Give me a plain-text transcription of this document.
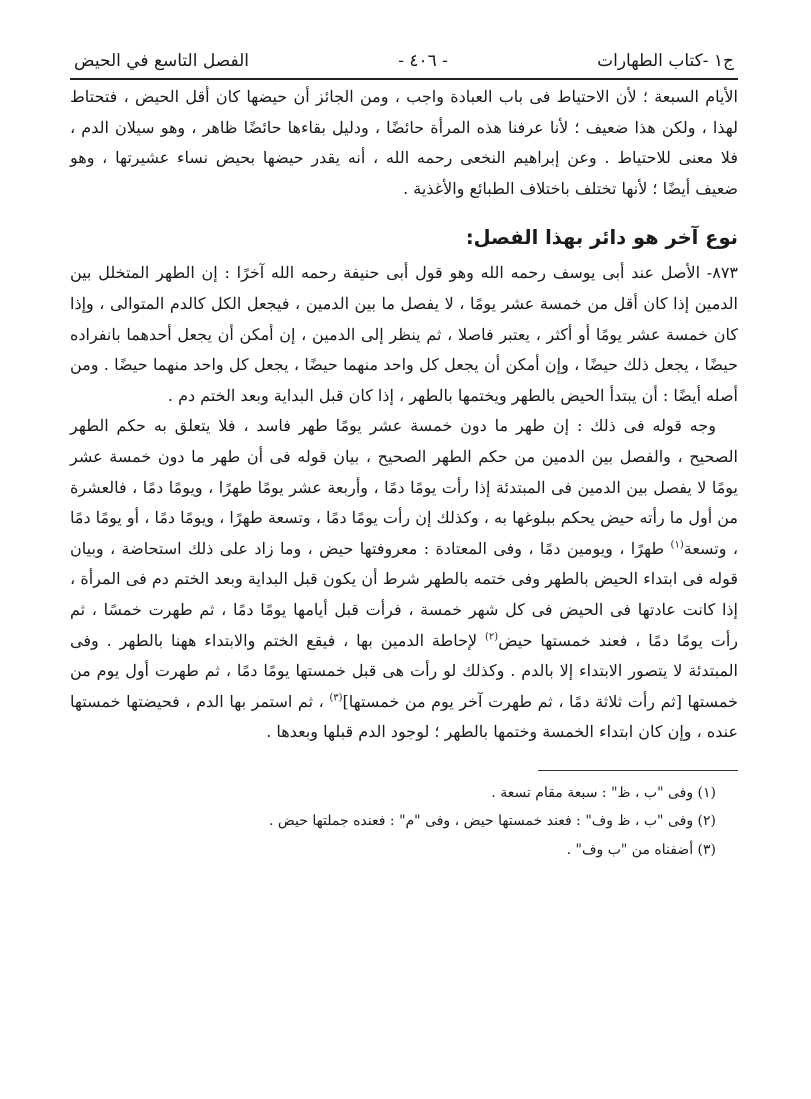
ج١ -كتاب الطهارات
- ٤٠٦ -
الفصل التاسع في الحيض

الأيام السبعة ؛ لأن الاحتياط فى باب العبادة واجب ، ومن الجائز أن حيضها كان أقل الحيض ، فتحتاط لهذا ، ولكن هذا ضعيف ؛ لأنا عرفنا هذه المرأة حائضًا ، ودليل بقاءها حائضًا ظاهر ، وهو سيلان الدم ، فلا معنى للاحتياط . وعن إبراهيم النخعى رحمه الله ، أنه يقدر حيضها بحيض نساء عشيرتها ، وهو ضعيف أيضًا ؛ لأنها تختلف باختلاف الطبائع والأغذية .

نوع آخر هو دائر بهذا الفصل:

٨٧٣- الأصل عند أبى يوسف رحمه الله وهو قول أبى حنيفة رحمه الله آخرًا : إن الطهر المتخلل بين الدمين إذا كان أقل من خمسة عشر يومًا ، لا يفصل ما بين الدمين ، فيجعل الكل كالدم المتوالى ، وإذا كان خمسة عشر يومًا أو أكثر ، يعتبر فاصلا ، ثم ينظر إلى الدمين ، إن أمكن أن يجعل أحدهما بانفراده حيضًا ، يجعل ذلك حيضًا ، وإن أمكن أن يجعل كل واحد منهما حيضًا ، يجعل كل واحد منهما حيضًا . ومن أصله أيضًا : أن يبتدأ الحيض بالطهر ويختمها بالطهر ، إذا كان قبل البداية وبعد الختم دم .

وجه قوله فى ذلك : إن طهر ما دون خمسة عشر يومًا طهر فاسد ، فلا يتعلق به حكم الطهر الصحيح ، والفصل بين الدمين من حكم الطهر الصحيح ، بيان قوله فى أن طهر ما دون خمسة عشر يومًا لا يفصل بين الدمين فى المبتدئة إذا رأت يومًا دمًا ، وأربعة عشر يومًا طهرًا ، ويومًا دمًا ، فالعشرة من أول ما رأته حيض يحكم ببلوغها به ، وكذلك إن رأت يومًا دمًا ، وتسعة طهرًا ، ويومًا دمًا ، أو يومًا دمًا ، وتسعة$^{(١)}$ طهرًا ، ويومين دمًا ، وفى المعتادة : معروفتها حيض ، وما زاد على ذلك استحاضة ، وبيان قوله فى ابتداء الحيض بالطهر وفى ختمه بالطهر شرط أن يكون قبل البداية وبعد الختم دم فى المرأة ، إذا كانت عادتها فى الحيض فى كل شهر خمسة ، فرأت قبل أيامها يومًا دمًا ، ثم طهرت خمسًا ، ثم رأت يومًا دمًا ، فعند خمستها حيض$^{(٢)}$ لإحاطة الدمين بها ، فيقع الختم والابتداء ههنا بالطهر . وفى المبتدئة لا يتصور الابتداء إلا بالدم . وكذلك لو رأت هى قبل خمستها يومًا دمًا ، ثم طهرت أول يوم من خمستها [ثم رأت ثلاثة دمًا ، ثم طهرت آخر يوم من خمستها]$^{(٣)}$ ، ثم استمر بها الدم ، فحيضتها خمستها عنده ، وإن كان ابتداء الخمسة وختمها بالطهر ؛ لوجود الدم قبلها وبعدها .

(١) وفى "ب ، ظ" : سبعة مقام تسعة .

(٢) وفى "ب ، ظ وف" : فعند خمستها حيض ، وفى "م" : فعنده جملتها حيض .

(٣) أضفناه من "ب وف" .
